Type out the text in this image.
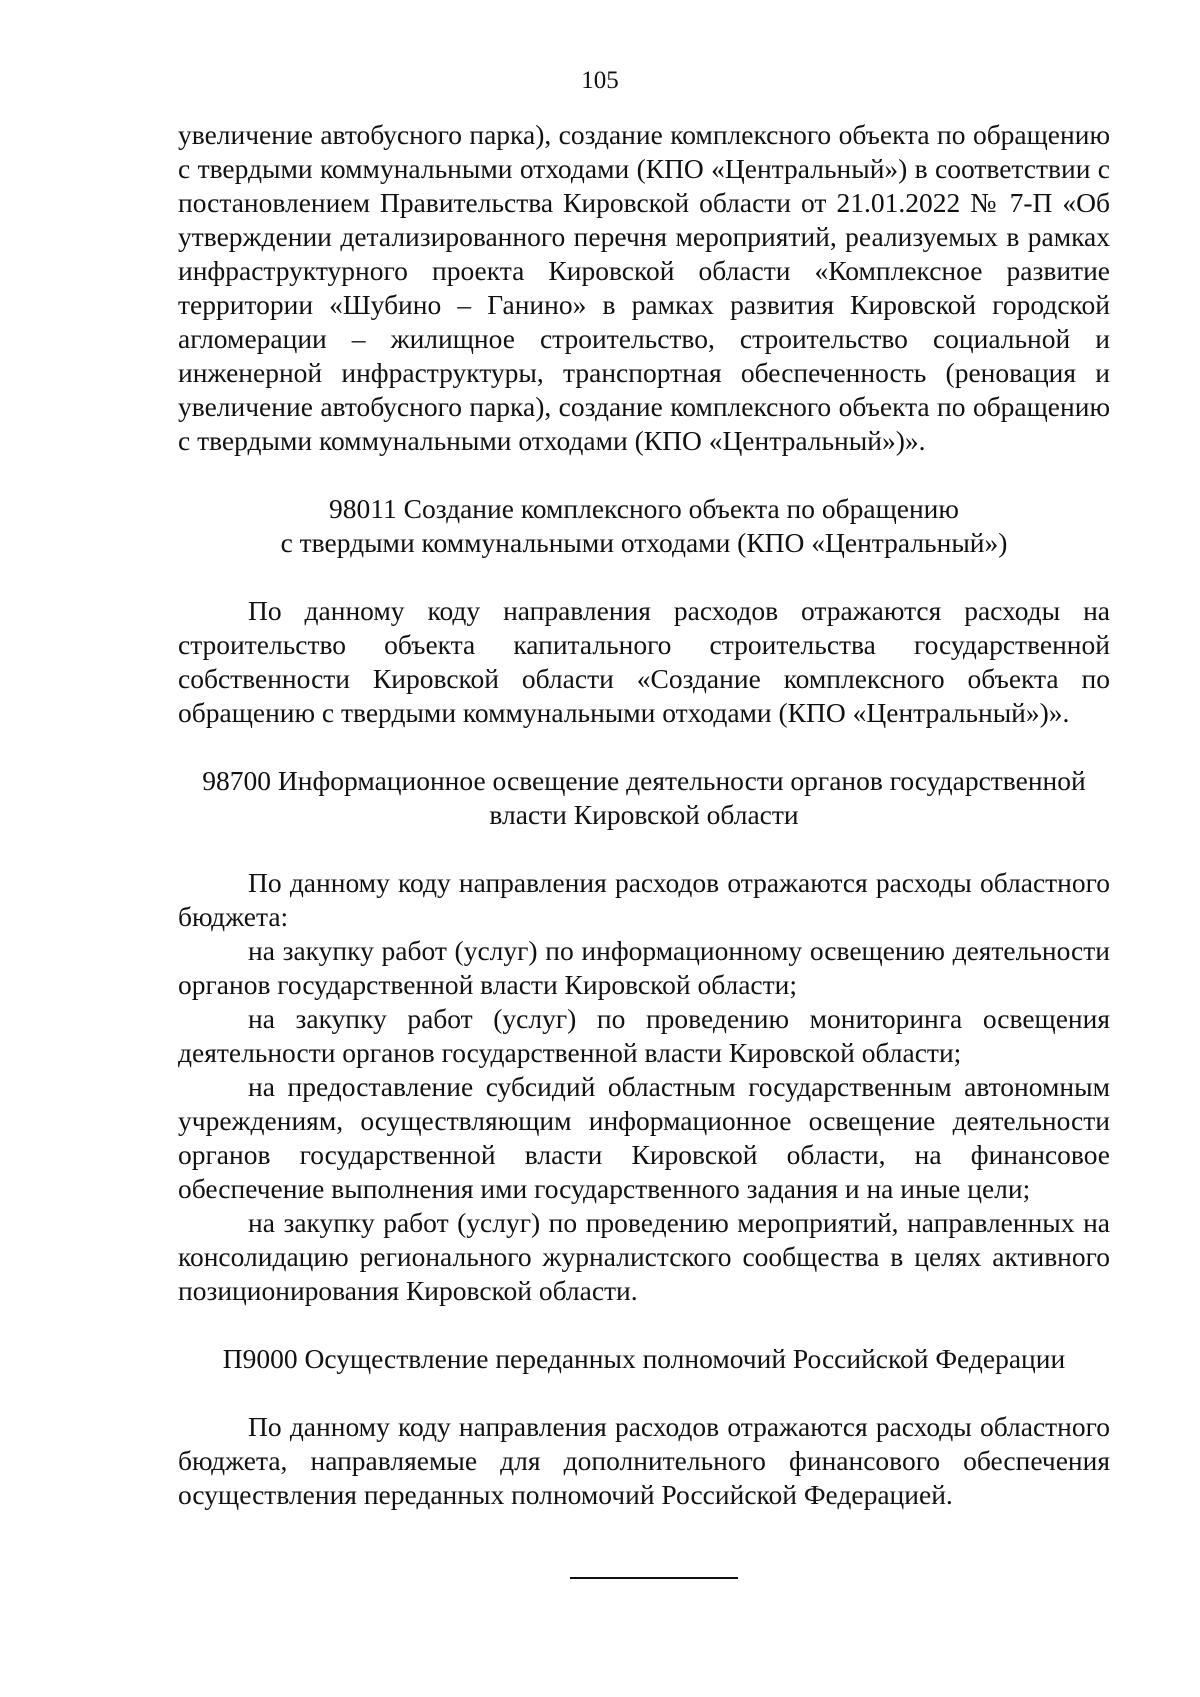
105

увеличение автобусного парка), создание комплексного объекта по обращению с твердыми коммунальными отходами (КПО «Центральный») в соответствии с постановлением Правительства Кировской области от 21.01.2022 № 7-П «Об утверждении детализированного перечня мероприятий, реализуемых в рамках инфраструктурного проекта Кировской области «Комплексное развитие территории «Шубино – Ганино» в рамках развития Кировской городской агломерации – жилищное строительство, строительство социальной и инженерной инфраструктуры, транспортная обеспеченность (реновация и увеличение автобусного парка), создание комплексного объекта по обращению с твердыми коммунальными отходами (КПО «Центральный»)».

98011 Создание комплексного объекта по обращению

с твердыми коммунальными отходами (КПО «Центральный»)

По данному коду направления расходов отражаются расходы на строительство объекта капитального строительства государственной собственности Кировской области «Создание комплексного объекта по обращению с твердыми коммунальными отходами (КПО «Центральный»)».

98700 Информационное освещение деятельности органов государственной

власти Кировской области

По данному коду направления расходов отражаются расходы областного бюджета:

на закупку работ (услуг) по информационному освещению деятельности органов государственной власти Кировской области;

на закупку работ (услуг) по проведению мониторинга освещения деятельности органов государственной власти Кировской области;

на предоставление субсидий областным государственным автономным учреждениям, осуществляющим информационное освещение деятельности органов государственной власти Кировской области, на финансовое обеспечение выполнения ими государственного задания и на иные цели;

на закупку работ (услуг) по проведению мероприятий, направленных на консолидацию регионального журналистского сообщества в целях активного позиционирования Кировской области.

П9000 Осуществление переданных полномочий Российской Федерации

По данному коду направления расходов отражаются расходы областного бюджета, направляемые для дополнительного финансового обеспечения осуществления переданных полномочий Российской Федерацией.
